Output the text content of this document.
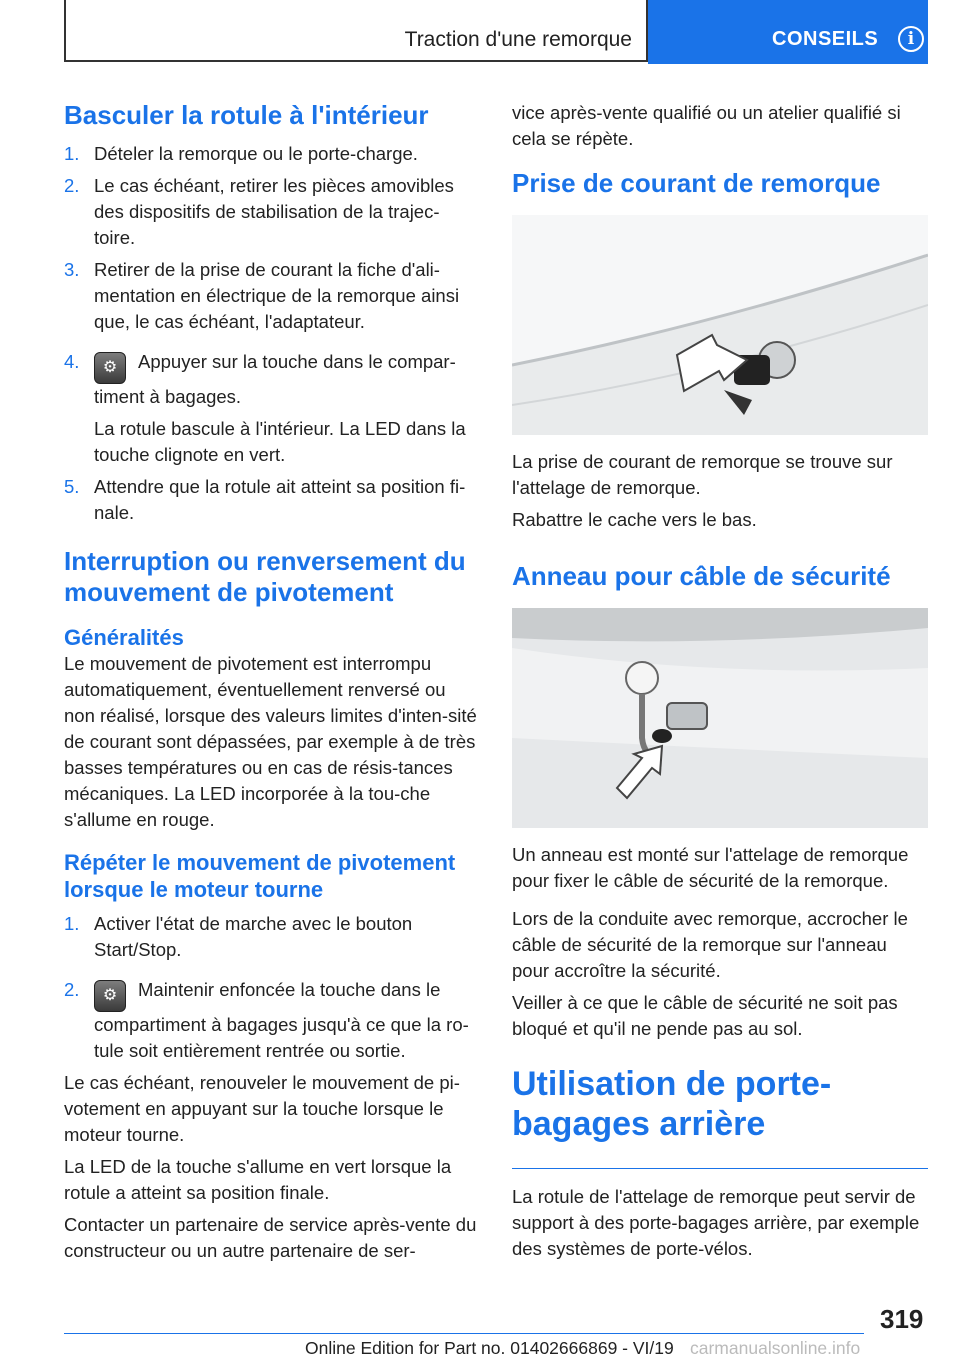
Traction d'une remorque	CONSEILS	i
Basculer la rotule à l'intérieur
1. Dételer la remorque ou le porte-charge.
2. Le cas échéant, retirer les pièces amovibles des dispositifs de stabilisation de la trajec-toire.
3. Retirer de la prise de courant la fiche d'ali-mentation en électrique de la remorque ainsi que, le cas échéant, l'adaptateur.
4. ⚙ Appuyer sur la touche dans le compar-timent à bagages.
La rotule bascule à l'intérieur. La LED dans la touche clignote en vert.
5. Attendre que la rotule ait atteint sa position fi-nale.
Interruption ou renversement du mouvement de pivotement
Généralités

Le mouvement de pivotement est interrompu automatiquement, éventuellement renversé ou non réalisé, lorsque des valeurs limites d'inten-sité de courant sont dépassées, par exemple à de très basses températures ou en cas de résis-tances mécaniques. La LED incorporée à la tou-che s'allume en rouge.

Répéter le mouvement de pivotement lorsque le moteur tourne
1. Activer l'état de marche avec le bouton Start/Stop.
2. ⚙ Maintenir enfoncée la touche dans le compartiment à bagages jusqu'à ce que la ro-tule soit entièrement rentrée ou sortie.

Le cas échéant, renouveler le mouvement de pi-votement en appuyant sur la touche lorsque le moteur tourne.

La LED de la touche s'allume en vert lorsque la rotule a atteint sa position finale.

Contacter un partenaire de service après-vente du constructeur ou un autre partenaire de ser-

vice après-vente qualifié ou un atelier qualifié si cela se répète.

Prise de courant de remorque

La prise de courant de remorque se trouve sur l'attelage de remorque.

Rabattre le cache vers le bas.

Anneau pour câble de sécurité

Un anneau est monté sur l'attelage de remorque pour fixer le câble de sécurité de la remorque.

Lors de la conduite avec remorque, accrocher le câble de sécurité de la remorque sur l'anneau pour accroître la sécurité.

Veiller à ce que le câble de sécurité ne soit pas bloqué et qu'il ne pende pas au sol.

Utilisation de porte-bagages arrière

La rotule de l'attelage de remorque peut servir de support à des porte-bagages arrière, par exemple des systèmes de porte-vélos.

319
Online Edition for Part no. 01402666869 - VI/19 carmanualsonline.info
